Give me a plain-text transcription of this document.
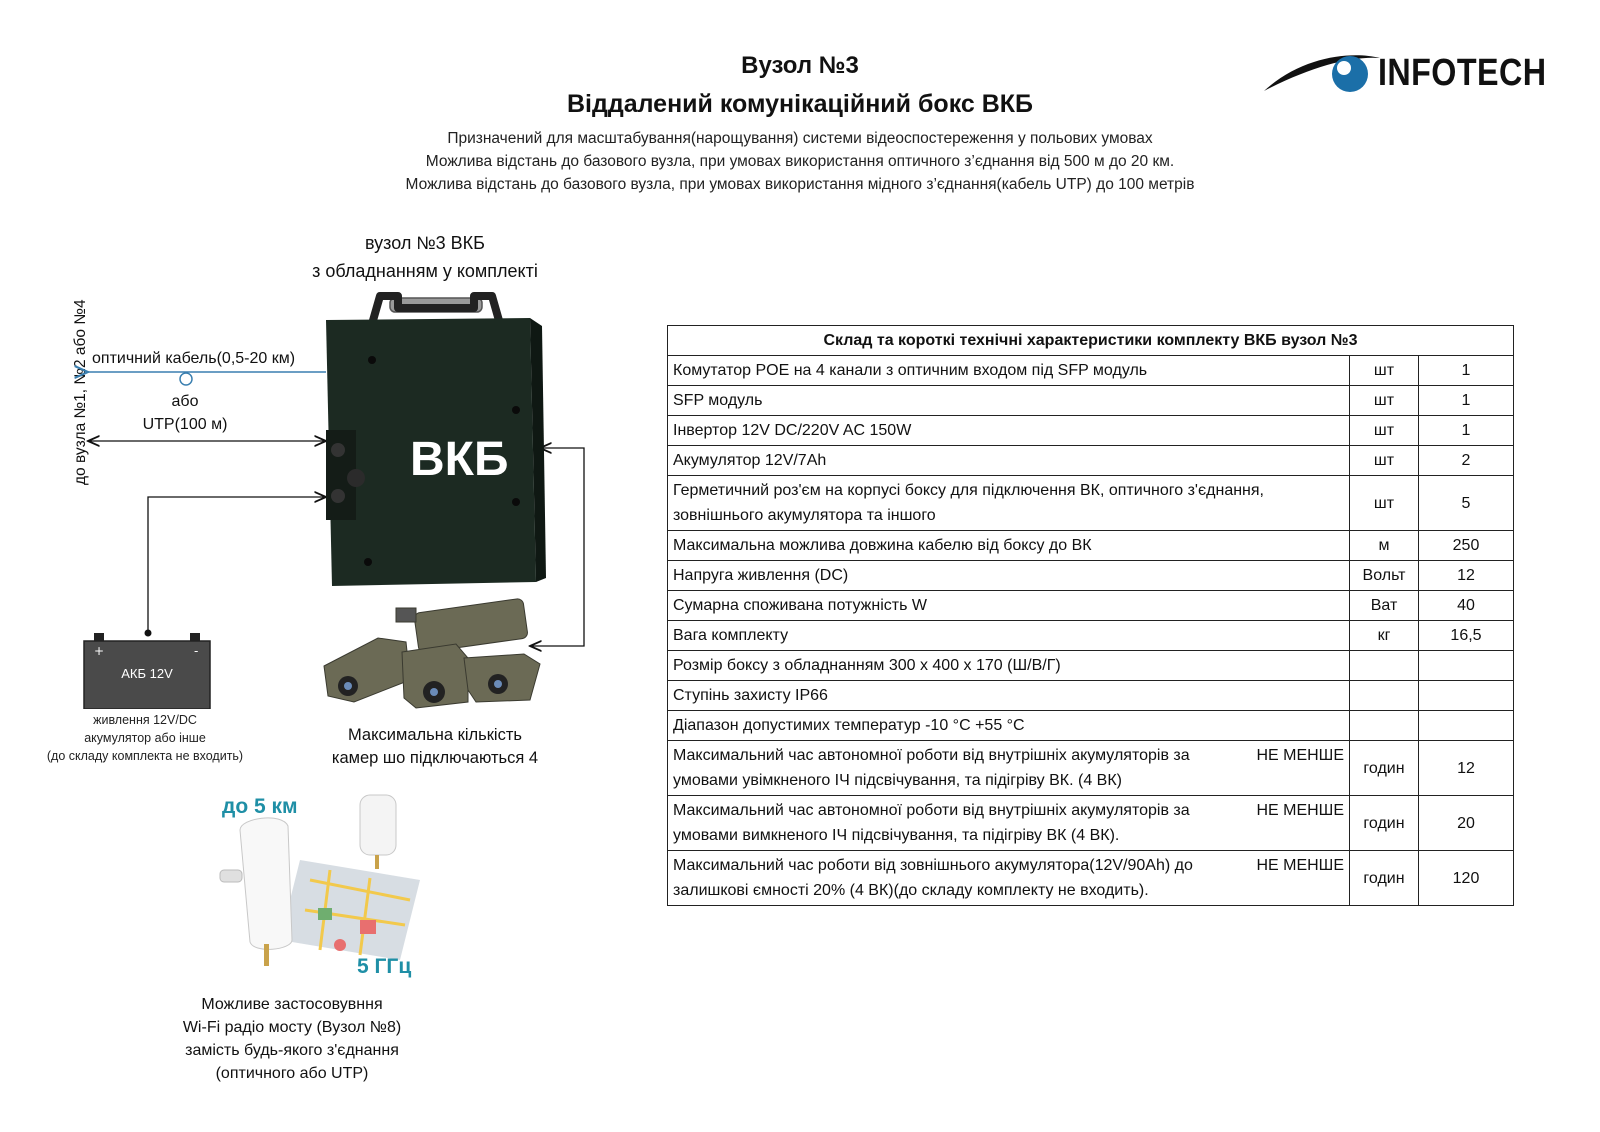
Вузол №3
Віддалений комунікаційний бокс ВКБ
Призначений для масштабування(нарощування) системи відеоспостереження у польових умовах
Можлива відстань до базового вузла, при умовах використання оптичного з’єднання від 500 м до 20 км.
Можлива відстань до базового вузла, при умовах використання мідного з’єднання(кабель UTP) до 100 метрів
INFOTECH
вузол №3 ВКБ
з обладнанням у комплекті
до вузла №1, №2 або №4 оптичний кабель(0,5-20 км)
або
UTP(100 м)
ВКБ
+	-
АКБ 12V
живлення 12V/DC
акумулятор або інше
(до складу комплекта не входить)
Максимальна кількість
камер шо підключаються 4
до 5 км
5 ГГц
Можливе застосовувння
Wi-Fi радіо мосту (Вузол №8)
замість будь-якого з'єднання
(оптичного або UTP)
Склад та короткі технічні характеристики комплекту ВКБ вузол №3		
Комутатор POE на 4 канали з оптичним входом під SFP модуль	шт	1
SFP модуль	шт	1
Інвертор 12V DC/220V AC 150W	шт	1
Акумулятор 12V/7Ah	шт	2
Герметичний роз'єм на корпусі боксу для підключення ВК, оптичного з'єднання, зовнішнього акумулятора та іншого	шт	5
Максимальна можлива довжина кабелю від боксу до ВК	м	250
Напруга живлення (DC)	Вольт	12
Сумарна споживана потужність W	Ват	40
Вага комплекту	кг	16,5
Розмір боксу з обладнанням 300 х 400 х 170 (Ш/В/Г)		
Ступінь захисту IP66		
Діапазон допустимих температур -10 °С +55 °С		

НЕ МЕНШЕ
Максимальний час автономної роботи від внутрішніх акумуляторів за умовами увімкненого ІЧ підсвічування, та підігріву ВК. (4 ВК)	годин	12

НЕ МЕНШЕ
Максимальний час автономної роботи від внутрішніх акумуляторів за умовами вимкненого ІЧ підсвічування, та підігріву ВК (4 ВК).	годин	20

НЕ МЕНШЕ
Максимальний час роботи від зовнішнього акумулятора(12V/90Ah) до залишкові ємності 20% (4 ВК)(до складу комплекту не входить).	годин	120
